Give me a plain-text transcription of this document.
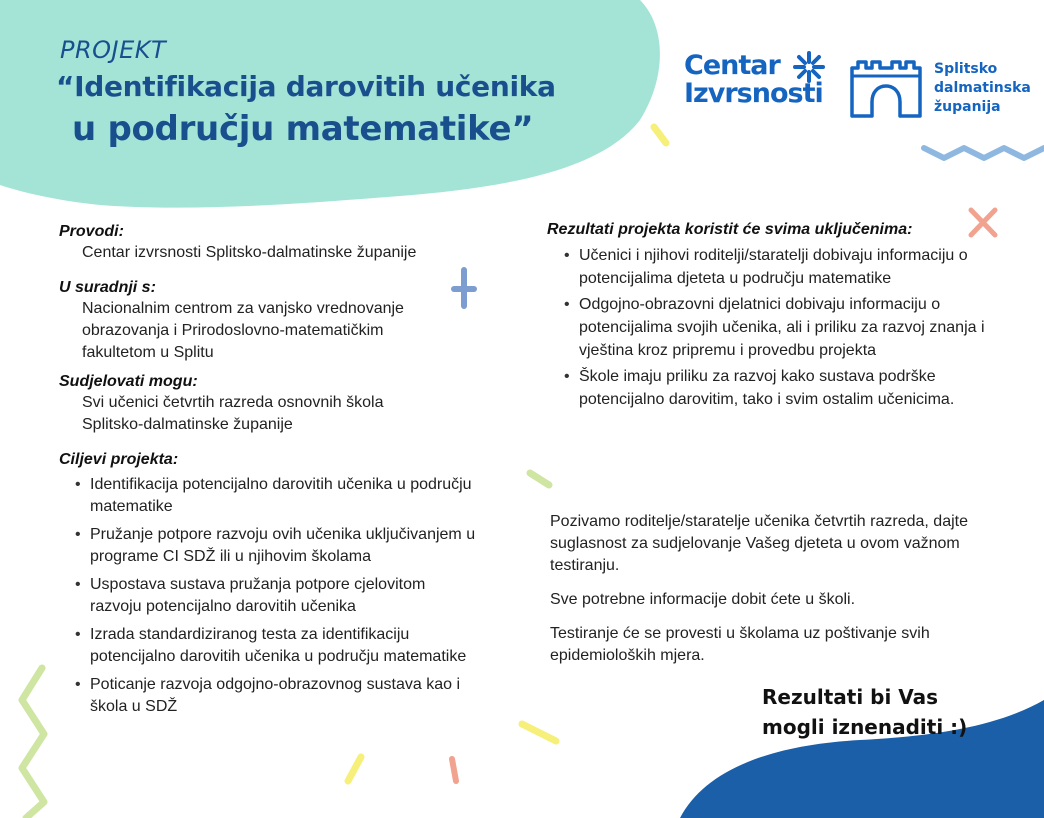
PROJEKT

“Identifikacija darovitih učenika

u području matematike”

Centar
Izvrsnosti
Splitsko
dalmatinska
županija

Provodi:

Centar izvrsnosti Splitsko-dalmatinske županije

U suradnji s:

Nacionalnim centrom za vanjsko vrednovanje obrazovanja i Prirodoslovno-matematičkim fakultetom u Splitu

Sudjelovati mogu:

Svi učenici četvrtih razreda osnovnih škola Splitsko-dalmatinske županije

Ciljevi projekta:

• Identifikacija potencijalno darovitih učenika u području matematike
• Pružanje potpore razvoju ovih učenika uključivanjem u programe CI SDŽ ili u njihovim školama
• Uspostava sustava pružanja potpore cjelovitom razvoju potencijalno darovitih učenika
• Izrada standardiziranog testa za identifikaciju potencijalno darovitih učenika u području matematike
• Poticanje razvoja odgojno-obrazovnog sustava kao i škola u SDŽ

Rezultati projekta koristit će svima uključenima:

• Učenici i njihovi roditelji/staratelji dobivaju informaciju o potencijalima djeteta u području matematike
• Odgojno-obrazovni djelatnici dobivaju informaciju o potencijalima svojih učenika, ali i priliku za razvoj znanja i vještina kroz pripremu i provedbu projekta
• Škole imaju priliku za razvoj kako sustava podrške potencijalno darovitim, tako i svim ostalim učenicima.

Pozivamo roditelje/staratelje učenika četvrtih razreda, dajte suglasnost za sudjelovanje Vašeg djeteta u ovom važnom testiranju.

Sve potrebne informacije dobit ćete u školi.

Testiranje će se provesti u školama uz poštivanje svih epidemioloških mjera.

Rezultati bi Vas
mogli iznenaditi :)
